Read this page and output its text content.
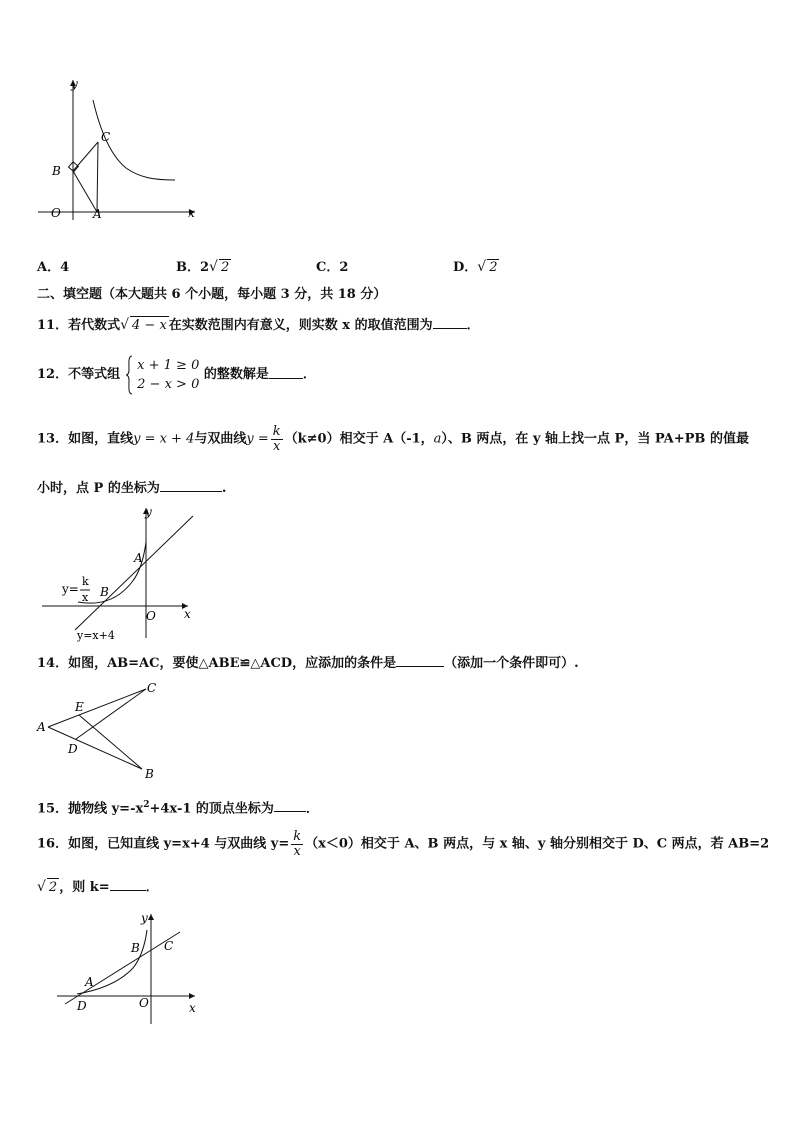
y
x
O	A
B
C
A．4	B．2√ 2	C．2	D．√ 2
二、填空题（本大题共 6 个小题，每小题 3 分，共 18 分）
11．若代数式√ 4 − x 在实数范围内有意义，则实数 x 的取值范围为	．
12．不等式组
x + 1 ≥ 0
2 − x > 0
的整数解是	．
13．如图，直线y = x + 4与双曲线$y = \frac{k}{x} (k\ne 0)$相交于 A（-1，a）、B 两点，在 y 轴上找一点 P，当 PA+PB 的值最
小时，点 P 的坐标为	.
y
x
O
A
B
y=
k
x
y=x+4
14．如图，AB=AC，要使△ABE≌△ACD，应添加的条件是	（添加一个条件即可）.
A
B
C
D
E
15．抛物线 $y=-x^2+4x-1$ 的顶点坐标为 ．
16．如图，已知直线 y=x+4 与双曲线 $y= \frac{k}{x} (x<0)$相交于 A、B 两点，与 x 轴、y 轴分别相交于 D、C 两点，若 AB=2
√ 2 ，则 k=	．
y
x
O
A
B C
D
